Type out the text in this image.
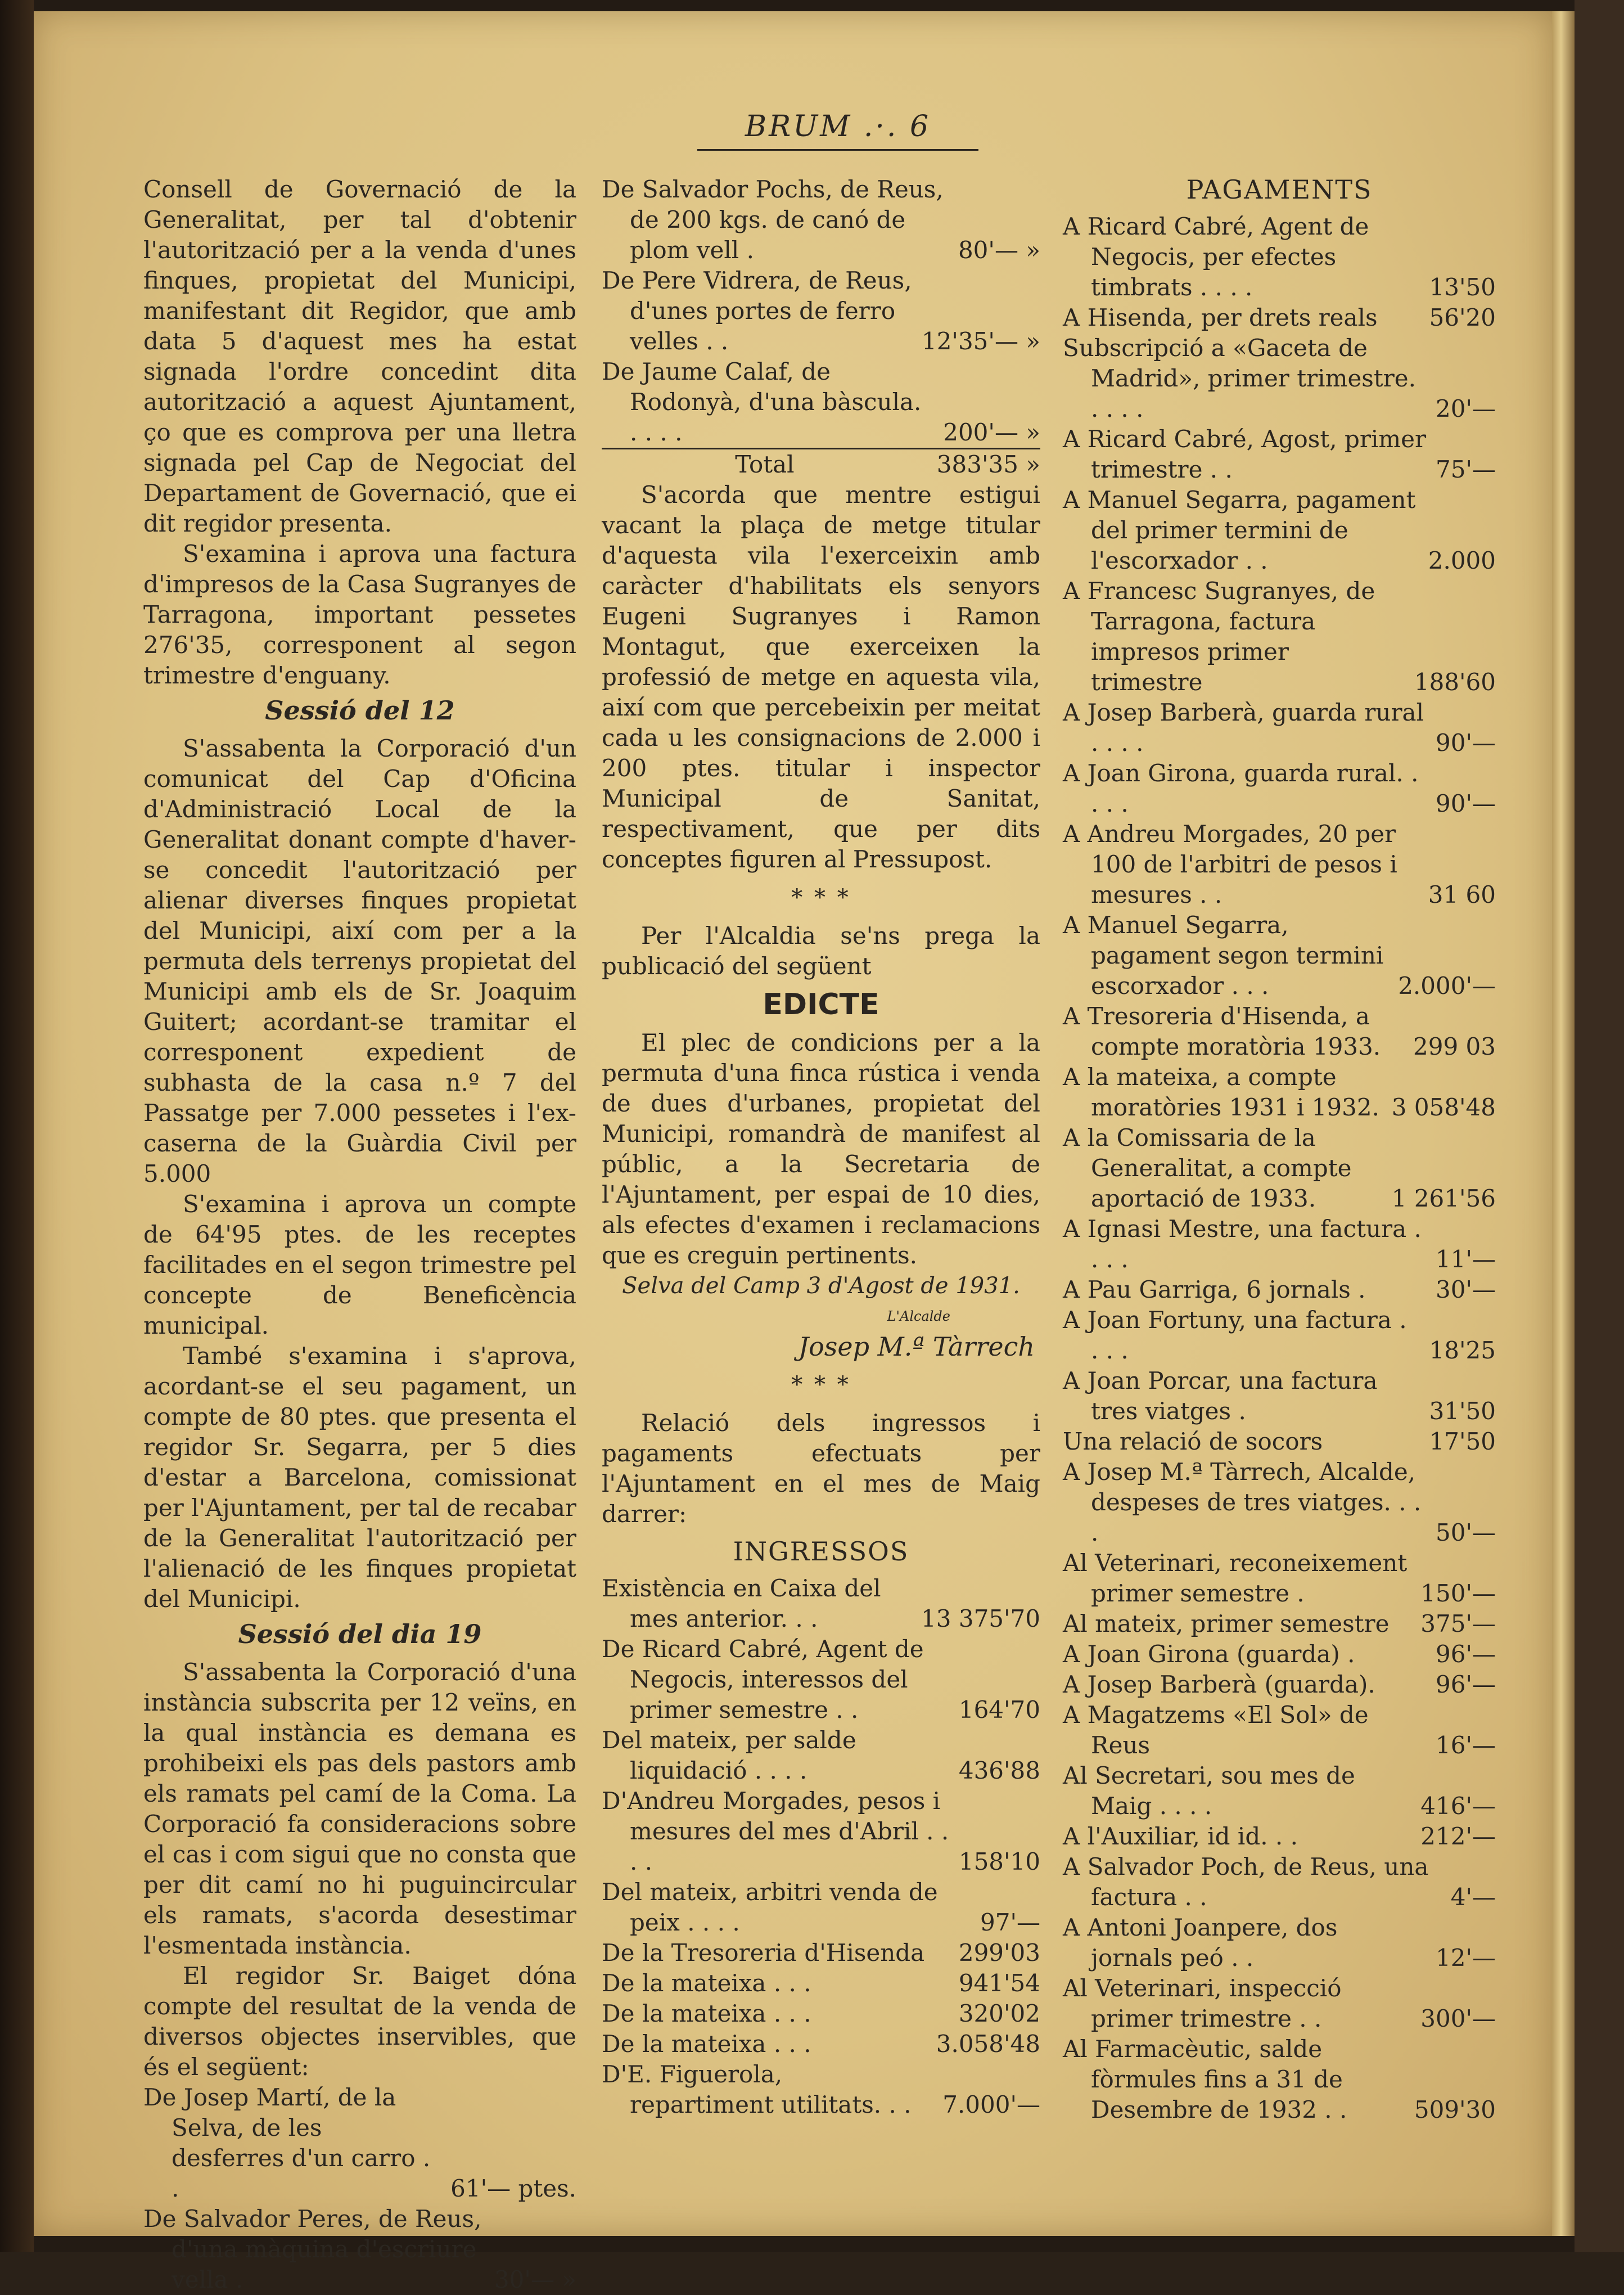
BRUM .·. 6

Consell de Governació de la Generalitat, per tal d'obtenir l'autorització per a la venda d'unes finques, propietat del Municipi, manifestant dit Regidor, que amb data 5 d'aquest mes ha estat signada l'ordre concedint dita autorització a aquest Ajuntament, ço que es comprova per una lletra signada pel Cap de Negociat del Departament de Governació, que ei dit regidor presenta.

S'examina i aprova una factura d'impresos de la Casa Sugranyes de Tarragona, important pessetes 276'35, corresponent al segon trimestre d'enguany.

Sessió del 12

S'assabenta la Corporació d'un comunicat del Cap d'Oficina d'Administració Local de la Generalitat donant compte d'haver-se concedit l'autorització per alienar diverses finques propietat del Municipi, així com per a la permuta dels terrenys propietat del Municipi amb els de Sr. Joaquim Guitert; acordant-se tramitar el corresponent expedient de subhasta de la casa n.º 7 del Passatge per 7.000 pessetes i l'ex-caserna de la Guàrdia Civil per 5.000

S'examina i aprova un compte de 64'95 ptes. de les receptes facilitades en el segon trimestre pel concepte de Beneficència municipal.

També s'examina i s'aprova, acordant-se el seu pagament, un compte de 80 ptes. que presenta el regidor Sr. Segarra, per 5 dies d'estar a Barcelona, comissionat per l'Ajuntament, per tal de recabar de la Generalitat l'autorització per l'alienació de les finques propietat del Municipi.

Sessió del dia 19

S'assabenta la Corporació d'una instància subscrita per 12 veïns, en la qual instància es demana es prohibeixi els pas dels pastors amb els ramats pel camí de la Coma. La Corporació fa consideracions sobre el cas i com sigui que no consta que per dit camí no hi puguincircular els ramats, s'acorda desestimar l'esmentada instància.

El regidor Sr. Baiget dóna compte del resultat de la venda de diversos objectes inservibles, que és el següent:

De Josep Martí, de la Selva, de les desferres d'un carro . .	61'— ptes.
De Salvador Peres, de Reus, d'una màquina d'escriure vella .	30'— »
De Salvador Pochs, de Reus, de 200 kgs. de canó de plom vell .	80'— »
De Pere Vidrera, de Reus, d'unes portes de ferro velles . .	12'35'— »
De Jaume Calaf, de Rodonyà, d'una bàscula. . . . .	200'— »
Total	383'35 »

S'acorda que mentre estigui vacant la plaça de metge titular d'aquesta vila l'exerceixin amb caràcter d'habilitats els senyors Eugeni Sugranyes i Ramon Montagut, que exerceixen la professió de metge en aquesta vila, així com que percebeixin per meitat cada u les consignacions de 2.000 i 200 ptes. titular i inspector Municipal de Sanitat, respectivament, que per dits conceptes figuren al Pressupost.

* * *

Per l'Alcaldia se'ns prega la publicació del següent

EDICTE

El plec de condicions per a la permuta d'una finca rústica i venda de dues d'urbanes, propietat del Municipi, romandrà de manifest al públic, a la Secretaria de l'Ajuntament, per espai de 10 dies, als efectes d'examen i reclamacions que es creguin pertinents.

Selva del Camp 3 d'Agost de 1931.
L'Alcalde
Josep M.ª Tàrrech
* * *

Relació dels ingressos i pagaments efectuats per l'Ajuntament en el mes de Maig darrer:

INGRESSOS
Existència en Caixa del mes anterior. . .	13 375'70
De Ricard Cabré, Agent de Negocis, interessos del primer semestre . .	164'70
Del mateix, per salde liquidació . . . .	436'88
D'Andreu Morgades, pesos i mesures del mes d'Abril . . . .	158'10
Del mateix, arbitri venda de peix . . . .	97'—
De la Tresoreria d'Hisenda	299'03
De la mateixa . . .	941'54
De la mateixa . . .	320'02
De la mateixa . . .	3.058'48
D'E. Figuerola, repartiment utilitats. . .	7.000'—
PAGAMENTS
A Ricard Cabré, Agent de Negocis, per efectes timbrats . . . .	13'50
A Hisenda, per drets reals	56'20
Subscripció a «Gaceta de Madrid», primer trimestre. . . . .	20'—
A Ricard Cabré, Agost, primer trimestre . .	75'—
A Manuel Segarra, pagament del primer termini de l'escorxador . .	2.000
A Francesc Sugranyes, de Tarragona, factura impresos primer trimestre	188'60
A Josep Barberà, guarda rural . . . .	90'—
A Joan Girona, guarda rural. . . . .	90'—
A Andreu Morgades, 20 per 100 de l'arbitri de pesos i mesures . .	31 60
A Manuel Segarra, pagament segon termini escorxador . . .	2.000'—
A Tresoreria d'Hisenda, a compte moratòria 1933.	299 03
A la mateixa, a compte moratòries 1931 i 1932. 3 058'48
A la Comissaria de la Generalitat, a compte aportació de 1933.	1 261'56
A Ignasi Mestre, una factura . . . .	11'—
A Pau Garriga, 6 jornals .	30'—
A Joan Fortuny, una factura . . . .	18'25
A Joan Porcar, una factura tres viatges .	31'50
Una relació de socors	17'50
A Josep M.ª Tàrrech, Alcalde, despeses de tres viatges. . . .	50'—
Al Veterinari, reconeixement primer semestre .	150'—
Al mateix, primer semestre	375'—
A Joan Girona (guarda) .	96'—
A Josep Barberà (guarda).	96'—
A Magatzems «El Sol» de Reus	16'—
Al Secretari, sou mes de Maig . . . .	416'—
A l'Auxiliar, id id. . .	212'—
A Salvador Poch, de Reus, una factura . .	4'—
A Antoni Joanpere, dos jornals peó . .	12'—
Al Veterinari, inspecció primer trimestre . .	300'—
Al Farmacèutic, salde fòrmules fins a 31 de Desembre de 1932 . .	509'30
